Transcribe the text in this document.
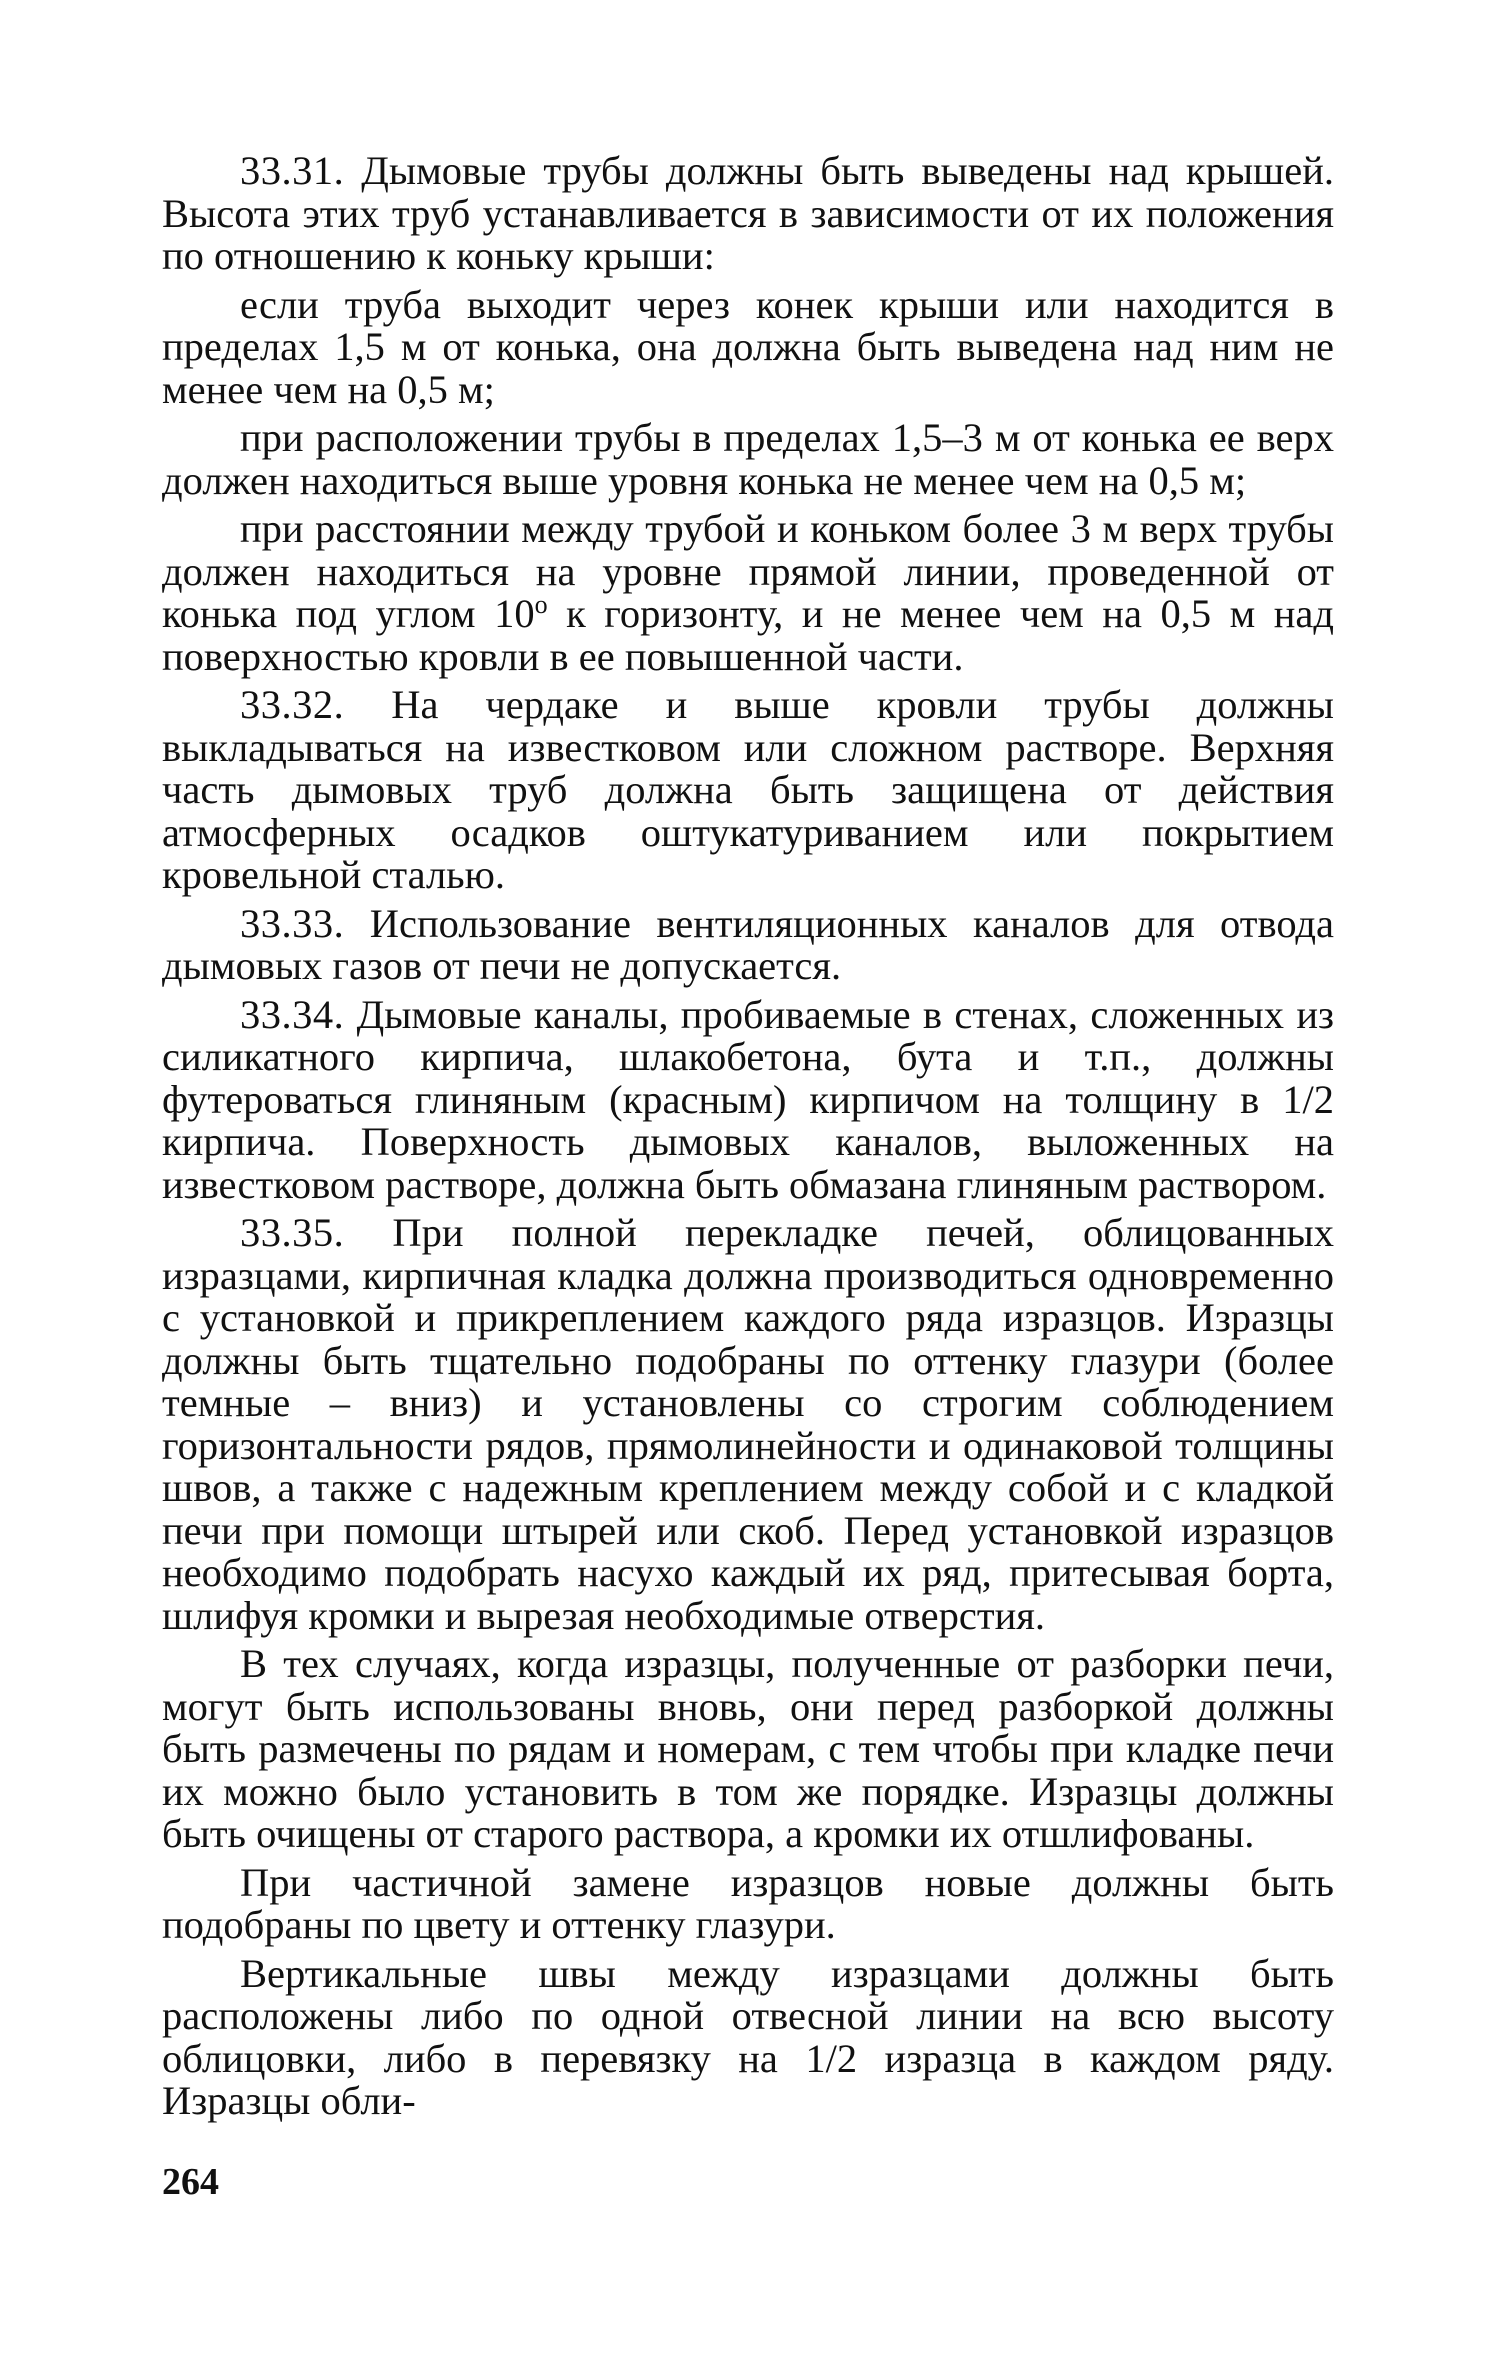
33.31. Дымовые трубы должны быть выведены над крышей. Высота этих труб устанавливается в зависимости от их положения по отношению к коньку крыши:

если труба выходит через конек крыши или находится в пределах 1,5 м от конька, она должна быть выведена над ним не менее чем на 0,5 м;

при расположении трубы в пределах 1,5–3 м от конька ее верх должен находиться выше уровня конька не менее чем на 0,5 м;

при расстоянии между трубой и коньком более 3 м верх трубы должен находиться на уровне прямой линии, проведенной от конька под углом $10^о$ к горизонту, и не менее чем на 0,5 м над поверхностью кровли в ее повышенной части.

33.32. На чердаке и выше кровли трубы должны выкладываться на известковом или сложном растворе. Верхняя часть дымовых труб должна быть защищена от действия атмосферных осадков оштукатуриванием или покрытием кровельной сталью.

33.33. Использование вентиляционных каналов для отвода дымовых газов от печи не допускается.

33.34. Дымовые каналы, пробиваемые в стенах, сложенных из силикатного кирпича, шлакобетона, бута и т.п., должны футероваться глиняным (красным) кирпичом на толщину в 1/2 кирпича. Поверхность дымовых каналов, выложенных на известковом растворе, должна быть обмазана глиняным раствором.

33.35. При полной перекладке печей, облицованных изразцами, кирпичная кладка должна производиться одновременно с установкой и прикреплением каждого ряда изразцов. Изразцы должны быть тщательно подобраны по оттенку глазури (более темные – вниз) и установлены со строгим соблюдением горизонтальности рядов, прямолинейности и одинаковой толщины швов, а также с надежным креплением между собой и с кладкой печи при помощи штырей или скоб. Перед установкой изразцов необходимо подобрать насухо каждый их ряд, притесывая борта, шлифуя кромки и вырезая необходимые отверстия.

В тех случаях, когда изразцы, полученные от разборки печи, могут быть использованы вновь, они перед разборкой должны быть размечены по рядам и номерам, с тем чтобы при кладке печи их можно было установить в том же порядке. Изразцы должны быть очищены от старого раствора, а кромки их отшлифованы.

При частичной замене изразцов новые должны быть подобраны по цвету и оттенку глазури.

Вертикальные швы между изразцами должны быть расположены либо по одной отвесной линии на всю высоту облицовки, либо в перевязку на 1/2 изразца в каждом ряду. Изразцы обли-

264
